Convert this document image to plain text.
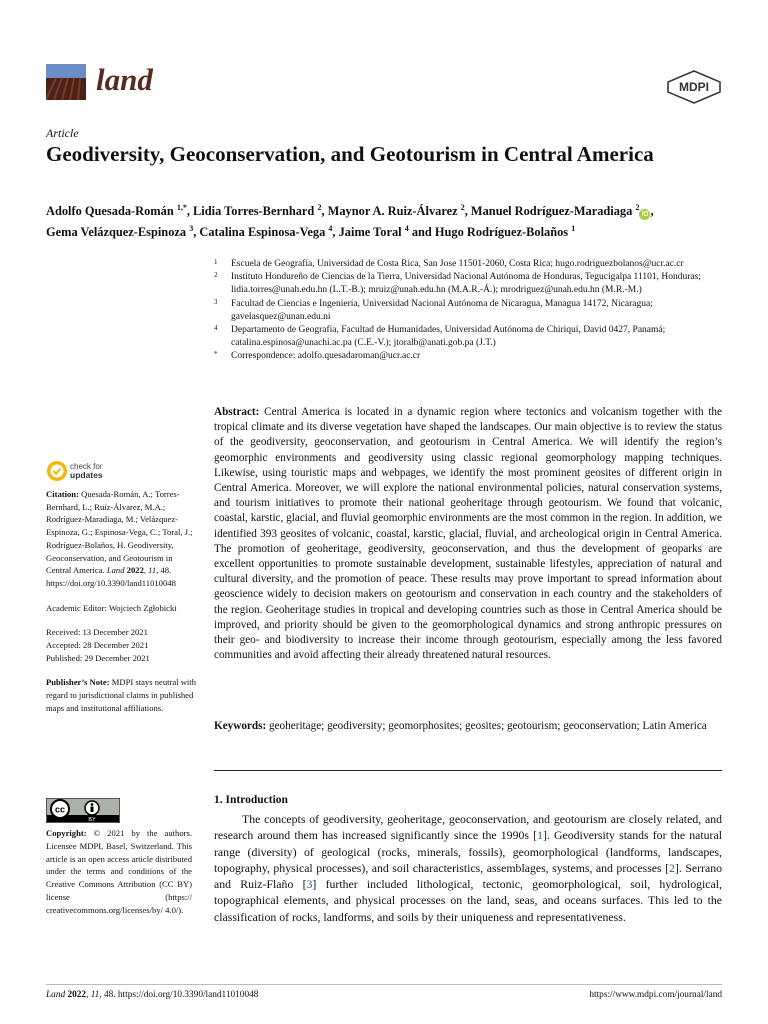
land	MDPI
Article
Geodiversity, Geoconservation, and Geotourism in Central America
Adolfo Quesada-Román $^{1,*}$, Lidia Torres-Bernhard $^2$, Maynor A. Ruiz-Álvarez $^2$, Manuel Rodríguez-Maradiaga $^2$iD ,
Gema Velázquez-Espinoza $^3$, Catalina Espinosa-Vega $^4$, Jaime Toral $^4$ and Hugo Rodríguez-Bolaños $^1$
1 Escuela de Geografía, Universidad de Costa Rica, San Jose 11501-2060, Costa Rica; hugo.rodriguezbolanos@ucr.ac.cr
2 Instituto Hondureño de Ciencias de la Tierra, Universidad Nacional Autónoma de Honduras, Tegucigalpa 11101, Honduras; lidia.torres@unah.edu.hn (L.T.-B.); mruiz@unah.edu.hn (M.A.R.-Á.); mrodriguez@unah.edu.hn (M.R.-M.)
3 Facultad de Ciencias e Ingeniería, Universidad Nacional Autónoma de Nicaragua, Managua 14172, Nicaragua; gavelasquez@unan.edu.ni
4 Departamento de Geografía, Facultad de Humanidades, Universidad Autónoma de Chiriquí, David 0427, Panamá; catalina.espinosa@unachi.ac.pa (C.E.-V.); jtoralb@anati.gob.pa (J.T.)
* Correspondence: adolfo.quesadaroman@ucr.ac.cr
Abstract: Central America is located in a dynamic region where tectonics and volcanism together with the tropical climate and its diverse vegetation have shaped the landscapes. Our main objective is to review the status of the geodiversity, geoconservation, and geotourism in Central America. We will identify the region’s geomorphic environments and geodiversity using classic regional geomorphology mapping techniques. Likewise, using touristic maps and webpages, we identify the most prominent geosites of different origin in Central America. Moreover, we will explore the national environmental policies, natural conservation systems, and tourism initiatives to promote their national geoheritage through geotourism. We found that volcanic, coastal, karstic, glacial, and fluvial geomorphic environments are the most common in the region. In addition, we identified 393 geosites of volcanic, coastal, karstic, glacial, fluvial, and archeological origin in Central America. The promotion of geoheritage, geodiversity, geoconservation, and thus the development of geoparks are excellent opportunities to promote sustainable development, sustainable lifestyles, appreciation of natural and cultural diversity, and the promotion of peace. These results may prove important to spread information about geoscience widely to decision makers on geotourism and conservation in each country and the stakeholders of the region. Geoheritage studies in tropical and developing countries such as those in Central America should be improved, and priority should be given to the geomorphological dynamics and strong anthropic pressures on their geo- and biodiversity to increase their income through geotourism, especially among the less favored communities and avoid affecting their already threatened natural resources.
Keywords: geoheritage; geodiversity; geomorphosites; geosites; geotourism; geoconservation; Latin America
1. Introduction

The concepts of geodiversity, geoheritage, geoconservation, and geotourism are closely related, and research around them has increased significantly since the 1990s [1]. Geodiversity stands for the natural range (diversity) of geological (rocks, minerals, fossils), geomorphological (landforms, landscapes, topography, physical processes), and soil characteristics, assemblages, systems, and processes [2]. Serrano and Ruiz-Flaño [3] further included lithological, tectonic, geomorphological, soil, hydrological, topographical elements, and physical processes on the land, seas, and oceans surfaces. This led to the classification of rocks, landforms, and soils by their uniqueness and representativeness.

check for
updates
Citation: Quesada-Román, A.; Torres-Bernhard, L.; Ruiz-Álvarez, M.A.; Rodríguez-Maradiaga, M.; Velázquez-Espinoza, G.; Espinosa-Vega, C.; Toral, J.; Rodríguez-Bolaños, H. Geodiversity, Geoconservation, and Geotourism in Central America. Land 2022, 11, 48. https://doi.org/10.3390/land11010048
Academic Editor: Wojciech Zgłobicki
Received: 13 December 2021
Accepted: 28 December 2021
Published: 29 December 2021
Publisher’s Note: MDPI stays neutral with regard to jurisdictional claims in published maps and institutional affiliations.
cc
BY
Copyright: © 2021 by the authors. Licensee MDPI, Basel, Switzerland. This article is an open access article distributed under the terms and conditions of the Creative Commons Attribution (CC BY) license (https:// creativecommons.org/licenses/by/ 4.0/).
Land 2022, 11, 48. https://doi.org/10.3390/land11010048	https://www.mdpi.com/journal/land
